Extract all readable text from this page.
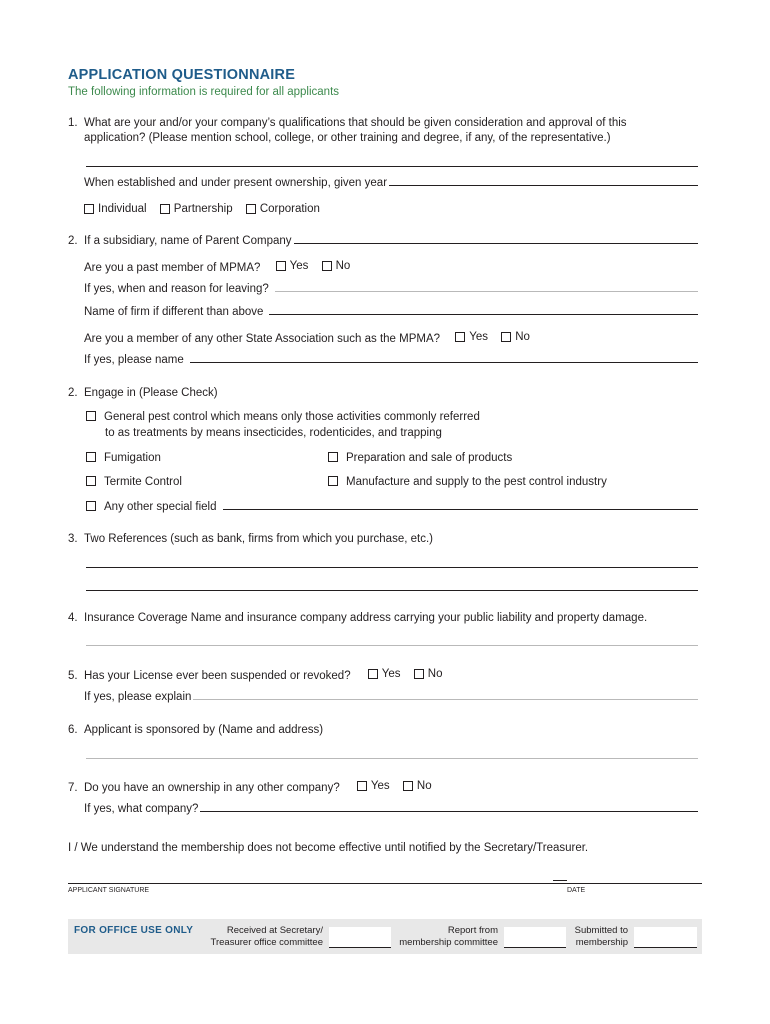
APPLICATION QUESTIONNAIRE
The following information is required for all applicants
1. What are your and/or your company’s qualifications that should be given consideration and approval of this
application? (Please mention school, college, or other training and degree, if any, of the representative.)
When established and under present ownership, given year
Individual
Partnership
Corporation
2. If a subsidiary, name of Parent Company
Are you a past member of MPMA?	Yes
No
If yes, when and reason for leaving?
Name of firm if different than above
Are you a member of any other State Association such as the MPMA?	Yes
No
If yes, please name
2. Engage in (Please Check)
General pest control which means only those activities commonly referred
to as treatments by means insecticides, rodenticides, and trapping
Fumigation	Preparation and sale of products
Termite Control	Manufacture and supply to the pest control industry
Any other special field
3. Two References (such as bank, firms from which you purchase, etc.)
4. Insurance Coverage Name and insurance company address carrying your public liability and property damage.
5. Has your License ever been suspended or revoked?	Yes
No
If yes, please explain
6. Applicant is sponsored by (Name and address)
7. Do you have an ownership in any other company?	Yes
No
If yes, what company?
I / We understand the membership does not become effective until notified by the Secretary/Treasurer.
APPLICANT SIGNATURE	DATE
FOR OFFICE USE ONLY	Received at Secretary/
Treasurer office committee
Report from
membership committee
Submitted to
membership
